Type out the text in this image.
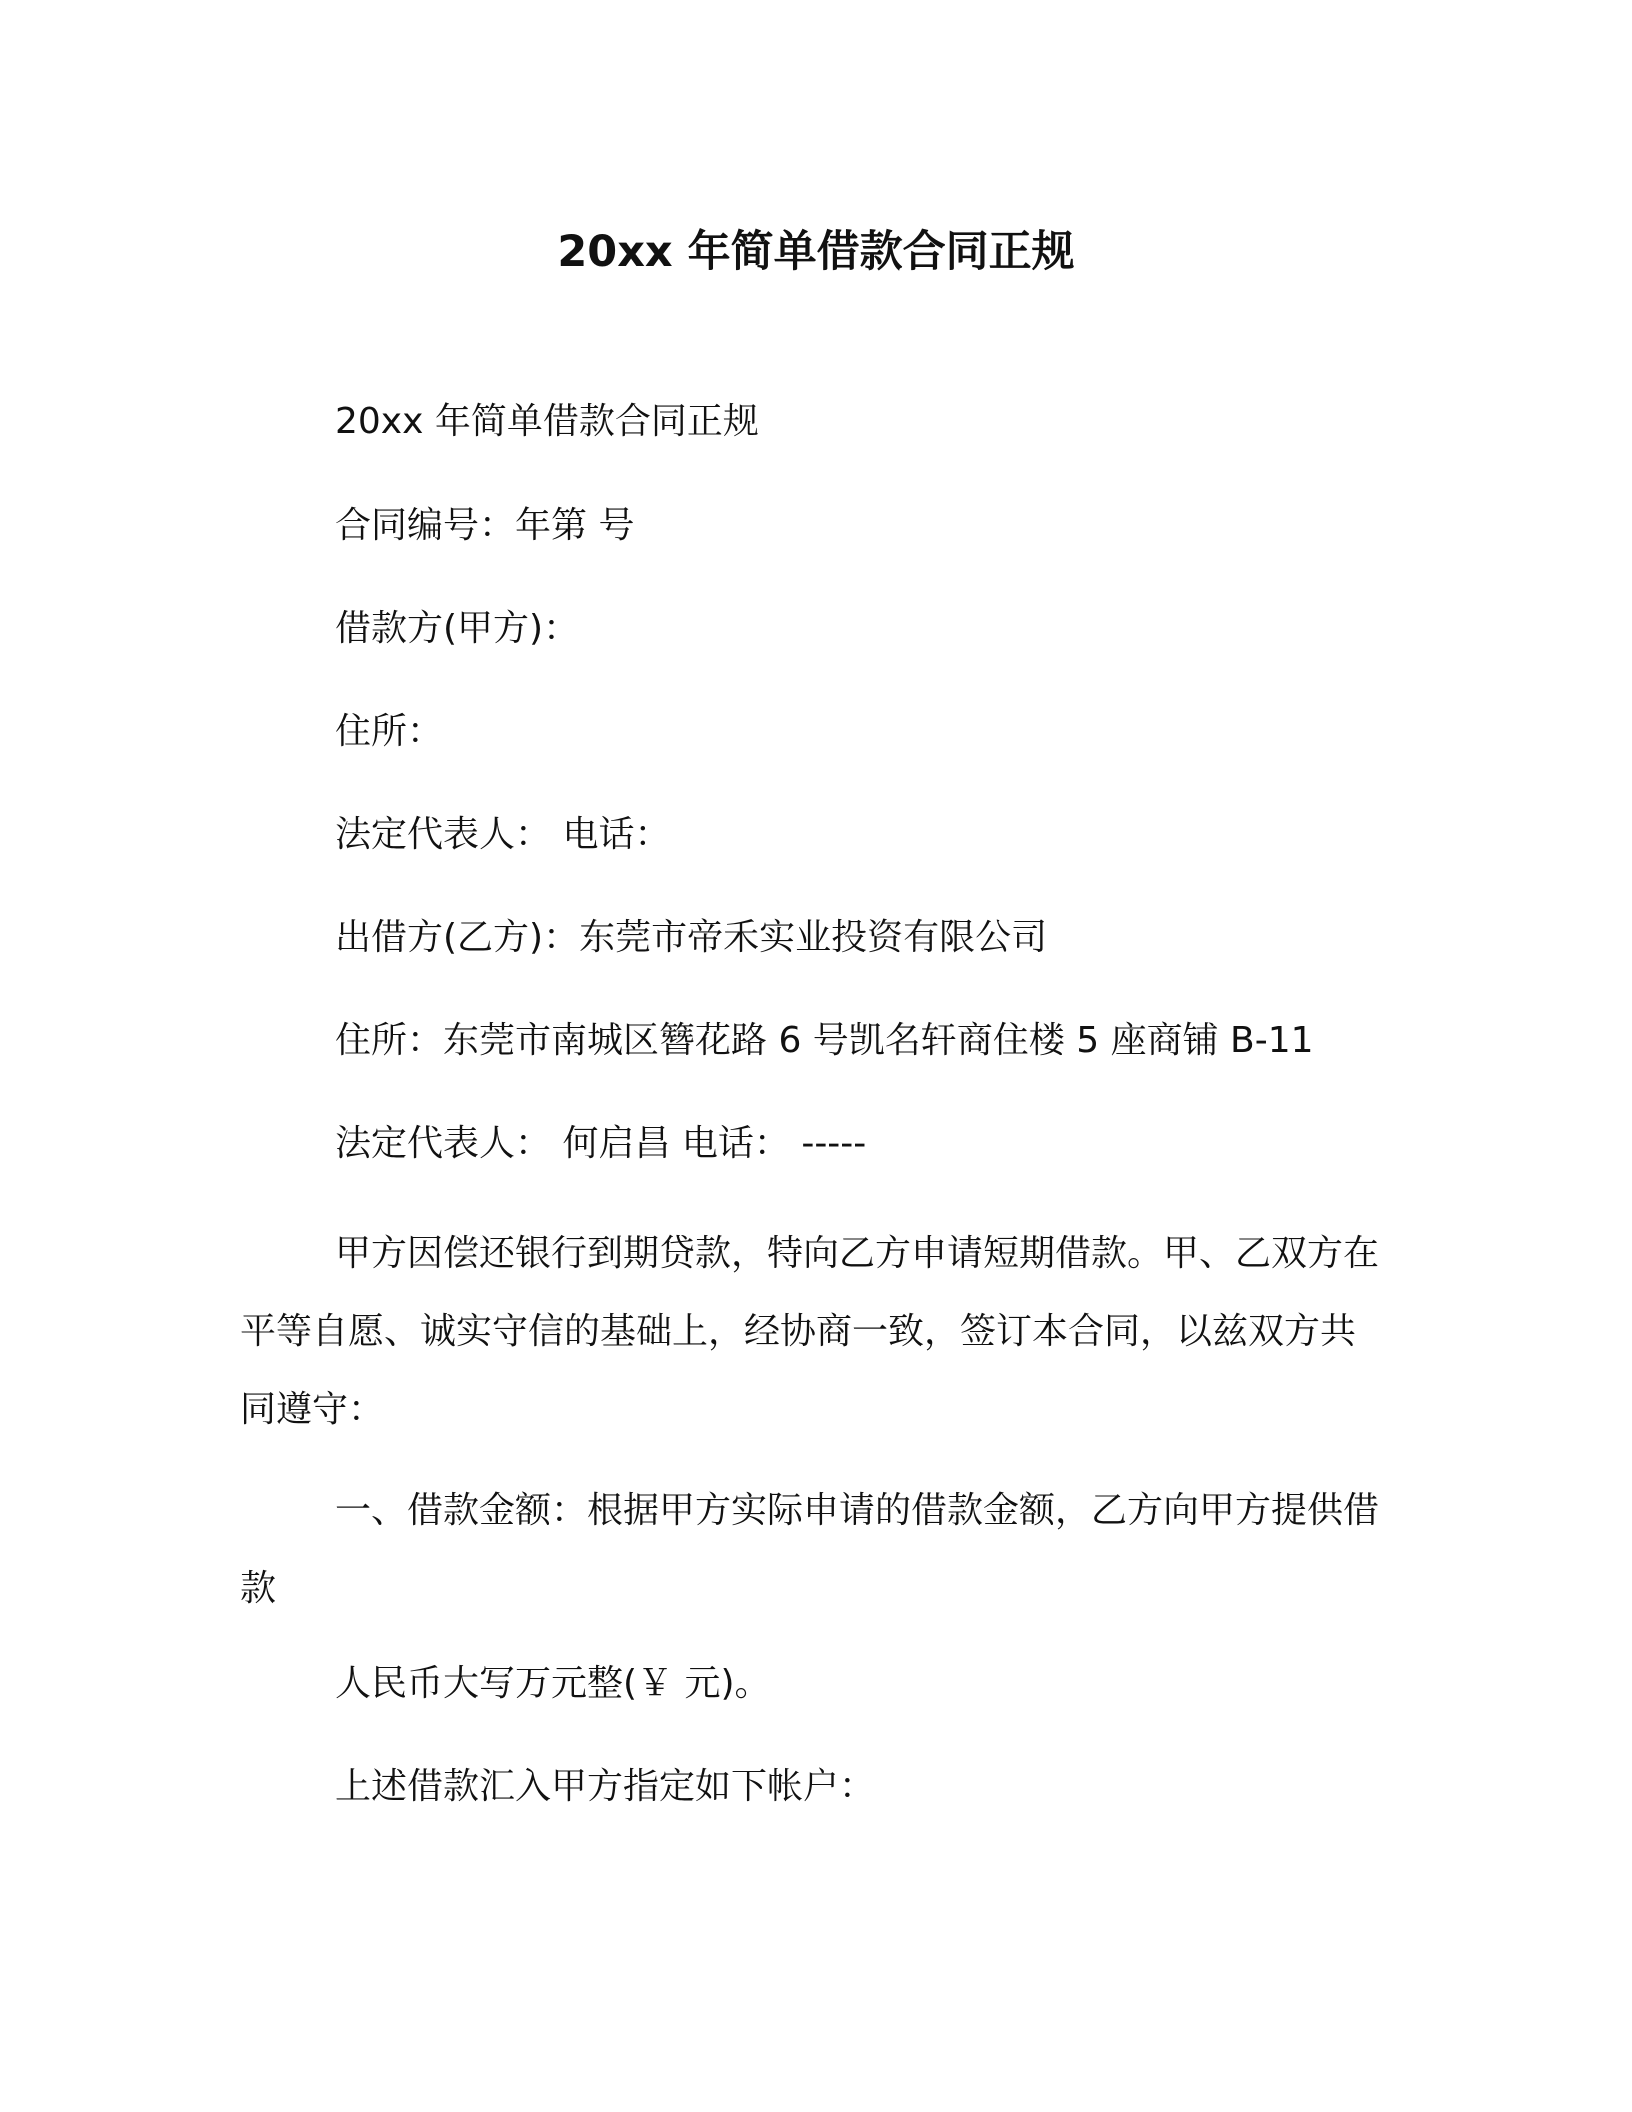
20xx 年简单借款合同正规
20xx 年简单借款合同正规
合同编号：年第 号
借款方(甲方)：
住所：
法定代表人： 电话：
出借方(乙方)：东莞市帝禾实业投资有限公司
住所：东莞市南城区簪花路 6 号凯名轩商住楼 5 座商铺 B-11
法定代表人： 何启昌 电话： -----
甲方因偿还银行到期贷款，特向乙方申请短期借款。甲、乙双方在平等自愿、诚实守信的基础上，经协商一致，签订本合同，以兹双方共同遵守：
一、借款金额：根据甲方实际申请的借款金额，乙方向甲方提供借款
人民币大写万元整(￥ 元)。
上述借款汇入甲方指定如下帐户：
